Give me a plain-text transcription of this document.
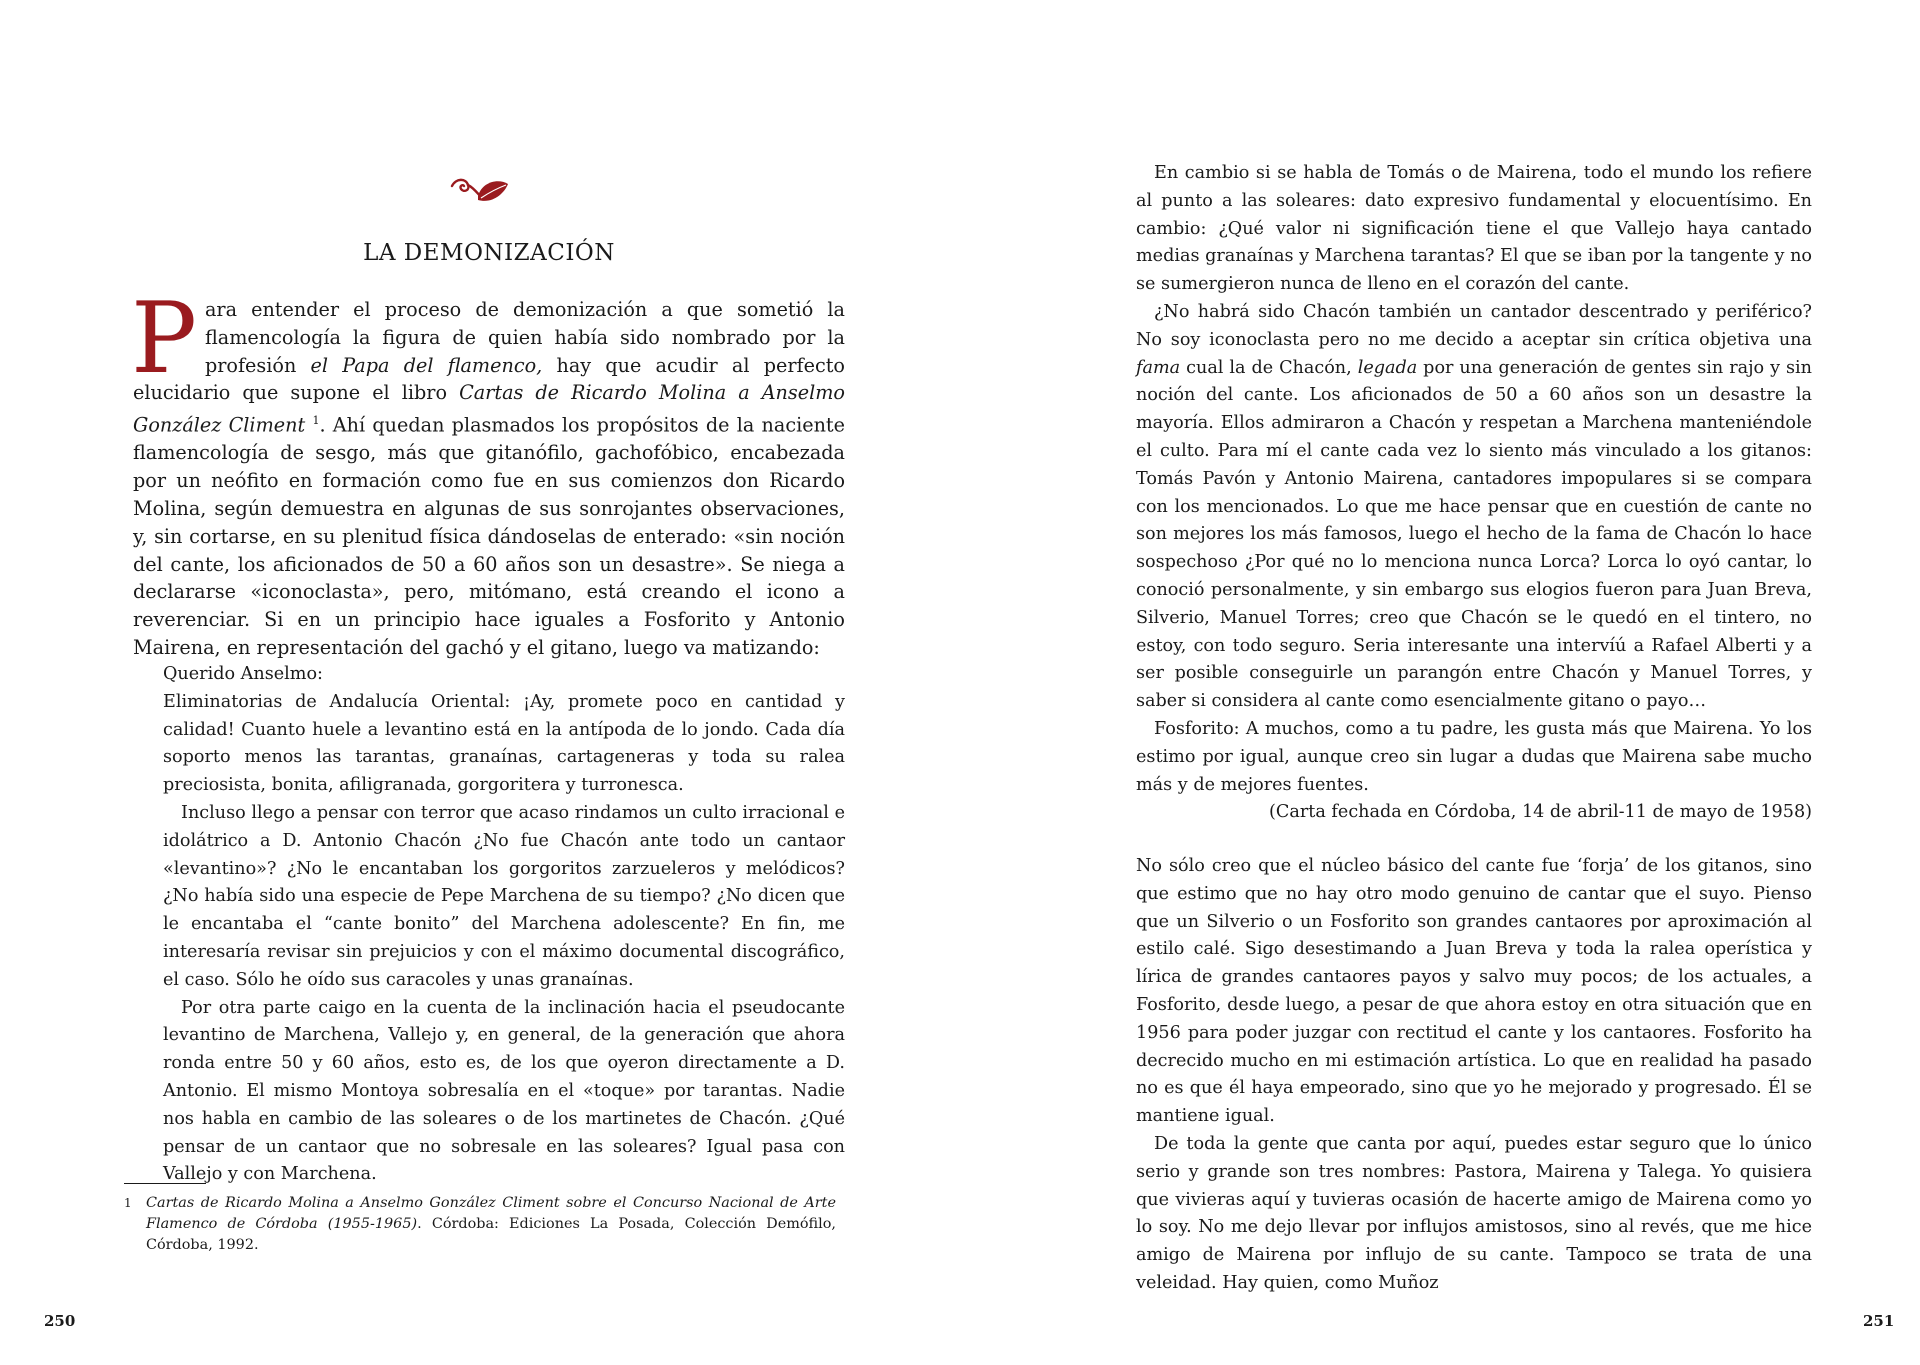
LA DEMONIZACIÓN

Para entender el proceso de demonización a que sometió la flamencología la figura de quien había sido nombrado por la profesión el Papa del flamenco, hay que acudir al perfecto elucidario que supone el libro Cartas de Ricardo Molina a Anselmo González Climent $^1$. Ahí quedan plasmados los propósitos de la naciente flamencología de sesgo, más que gitanófilo, gachofóbico, encabezada por un neófito en formación como fue en sus comienzos don Ricardo Molina, según demuestra en algunas de sus sonrojantes observaciones, y, sin cortarse, en su plenitud física dándoselas de enterado: «sin noción del cante, los aficionados de 50 a 60 años son un desastre». Se niega a declararse «iconoclasta», pero, mitómano, está creando el icono a reverenciar. Si en un principio hace iguales a Fosforito y Antonio Mairena, en representación del gachó y el gitano, luego va matizando:

Querido Anselmo:

Eliminatorias de Andalucía Oriental: ¡Ay, promete poco en cantidad y calidad! Cuanto huele a levantino está en la antípoda de lo jondo. Cada día soporto menos las tarantas, granaínas, cartageneras y toda su ralea preciosista, bonita, afiligranada, gorgoritera y turronesca.

Incluso llego a pensar con terror que acaso rindamos un culto irracional e idolátrico a D. Antonio Chacón ¿No fue Chacón ante todo un cantaor «levantino»? ¿No le encantaban los gorgoritos zarzueleros y melódicos? ¿No había sido una especie de Pepe Marchena de su tiempo? ¿No dicen que le encantaba el “cante bonito” del Marchena adolescente? En fin, me interesaría revisar sin prejuicios y con el máximo documental discográfico, el caso. Sólo he oído sus caracoles y unas granaínas.

Por otra parte caigo en la cuenta de la inclinación hacia el pseudocante levantino de Marchena, Vallejo y, en general, de la generación que ahora ronda entre 50 y 60 años, esto es, de los que oyeron directamente a D. Antonio. El mismo Montoya sobresalía en el «toque» por tarantas. Nadie nos habla en cambio de las soleares o de los martinetes de Chacón. ¿Qué pensar de un cantaor que no sobresale en las soleares? Igual pasa con Vallejo y con Marchena.

1 Cartas de Ricardo Molina a Anselmo González Climent sobre el Concurso Nacional de Arte Flamenco de Córdoba (1955-1965). Córdoba: Ediciones La Posada, Colección Demófilo, Córdoba, 1992.
250

En cambio si se habla de Tomás o de Mairena, todo el mundo los refiere al punto a las soleares: dato expresivo fundamental y elocuentísimo. En cambio: ¿Qué valor ni significación tiene el que Vallejo haya cantado medias granaínas y Marchena tarantas? El que se iban por la tangente y no se sumergieron nunca de lleno en el corazón del cante.

¿No habrá sido Chacón también un cantador descentrado y periférico? No soy iconoclasta pero no me decido a aceptar sin crítica objetiva una fama cual la de Chacón, legada por una generación de gentes sin rajo y sin noción del cante. Los aficionados de 50 a 60 años son un desastre la mayoría. Ellos admiraron a Chacón y respetan a Marchena manteniéndole el culto. Para mí el cante cada vez lo siento más vinculado a los gitanos: Tomás Pavón y Antonio Mairena, cantadores impopulares si se compara con los mencionados. Lo que me hace pensar que en cuestión de cante no son mejores los más famosos, luego el hecho de la fama de Chacón lo hace sospechoso ¿Por qué no lo menciona nunca Lorca? Lorca lo oyó cantar, lo conoció personalmente, y sin embargo sus elogios fueron para Juan Breva, Silverio, Manuel Torres; creo que Chacón se le quedó en el tintero, no estoy, con todo seguro. Seria interesante una intervíú a Rafael Alberti y a ser posible conseguirle un parangón entre Chacón y Manuel Torres, y saber si considera al cante como esencialmente gitano o payo…

Fosforito: A muchos, como a tu padre, les gusta más que Mairena. Yo los estimo por igual, aunque creo sin lugar a dudas que Mairena sabe mucho más y de mejores fuentes.

(Carta fechada en Córdoba, 14 de abril-11 de mayo de 1958)

No sólo creo que el núcleo básico del cante fue ‘forja’ de los gitanos, sino que estimo que no hay otro modo genuino de cantar que el suyo. Pienso que un Silverio o un Fosforito son grandes cantaores por aproximación al estilo calé. Sigo desestimando a Juan Breva y toda la ralea operística y lírica de grandes cantaores payos y salvo muy pocos; de los actuales, a Fosforito, desde luego, a pesar de que ahora estoy en otra situación que en 1956 para poder juzgar con rectitud el cante y los cantaores. Fosforito ha decrecido mucho en mi estimación artística. Lo que en realidad ha pasado no es que él haya empeorado, sino que yo he mejorado y progresado. Él se mantiene igual.

De toda la gente que canta por aquí, puedes estar seguro que lo único serio y grande son tres nombres: Pastora, Mairena y Talega. Yo quisiera que vivieras aquí y tuvieras ocasión de hacerte amigo de Mairena como yo lo soy. No me dejo llevar por influjos amistosos, sino al revés, que me hice amigo de Mairena por influjo de su cante. Tampoco se trata de una veleidad. Hay quien, como Muñoz

251
